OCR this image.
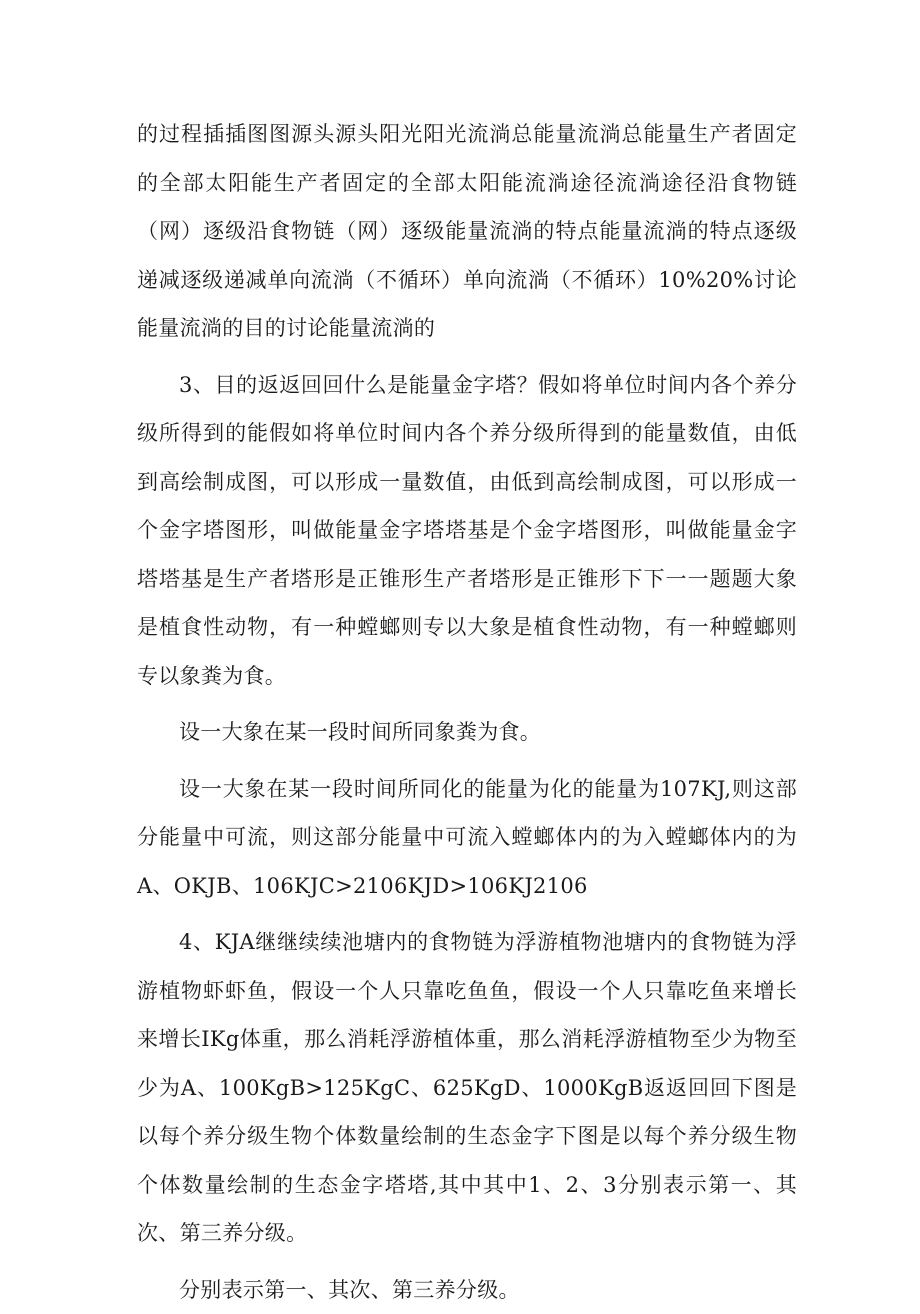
的过程插插图图源头源头阳光阳光流淌总能量流淌总能量生产者固定的全部太阳能生产者固定的全部太阳能流淌途径流淌途径沿食物链（网）逐级沿食物链（网）逐级能量流淌的特点能量流淌的特点逐级递减逐级递减单向流淌（不循环）单向流淌（不循环）10%20%讨论能量流淌的目的讨论能量流淌的

3、目的返返回回什么是能量金字塔？假如将单位时间内各个养分级所得到的能假如将单位时间内各个养分级所得到的能量数值，由低到高绘制成图，可以形成一量数值，由低到高绘制成图，可以形成一个金字塔图形，叫做能量金字塔塔基是个金字塔图形，叫做能量金字塔塔基是生产者塔形是正锥形生产者塔形是正锥形下下一一题题大象是植食性动物，有一种螳螂则专以大象是植食性动物，有一种螳螂则专以象粪为食。

设一大象在某一段时间所同象粪为食。

设一大象在某一段时间所同化的能量为化的能量为107KJ,则这部分能量中可流，则这部分能量中可流入螳螂体内的为入螳螂体内的为A、OKJB、106KJC>2106KJD>106KJ2106

4、KJA继继续续池塘内的食物链为浮游植物池塘内的食物链为浮游植物虾虾鱼，假设一个人只靠吃鱼鱼，假设一个人只靠吃鱼来增长来增长IKg体重，那么消耗浮游植体重，那么消耗浮游植物至少为物至少为A、100KgB>125KgC、625KgD、1000KgB返返回回下图是以每个养分级生物个体数量绘制的生态金字下图是以每个养分级生物个体数量绘制的生态金字塔塔,其中其中1、2、3分别表示第一、其次、第三养分级。

分别表示第一、其次、第三养分级。
